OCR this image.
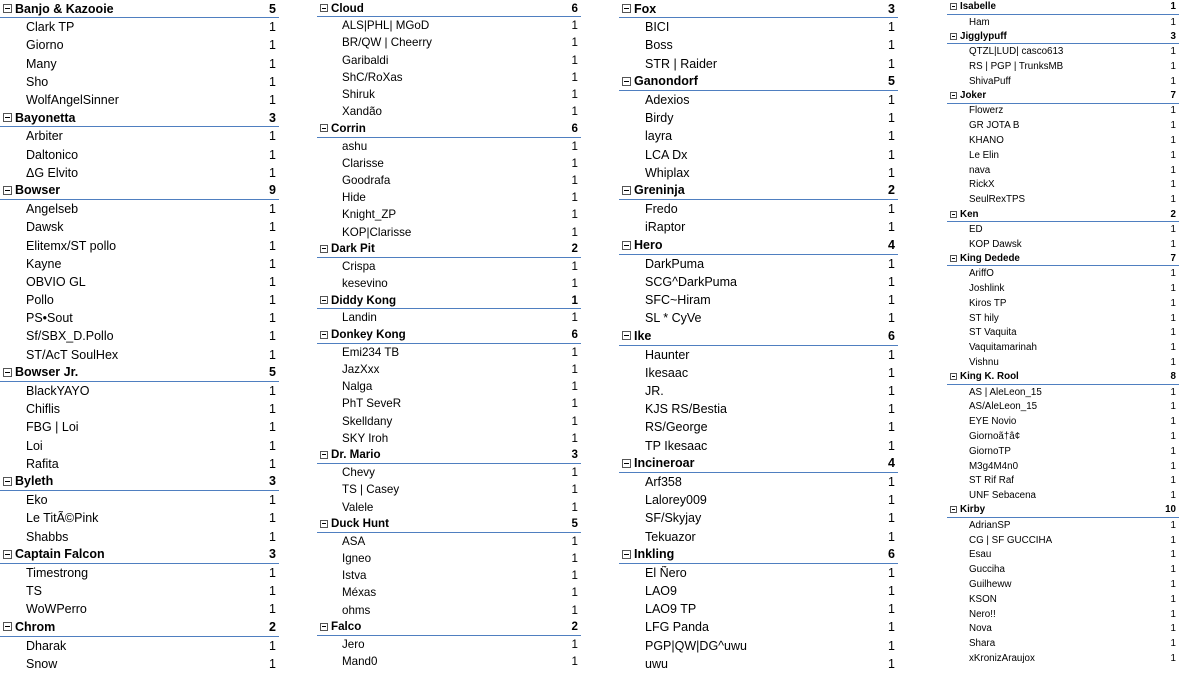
Banjo & Kazooie	5
Clark TP	1
Giorno	1
Many	1
Sho	1
WolfAngelSinner	1
Bayonetta	3
Arbiter	1
Daltonico	1
ΔG Elvito	1
Bowser	9
Angelseb	1
Dawsk	1
Elitemx/ST pollo	1
Kayne	1
OBVIO GL	1
Pollo	1
PS•Sout	1
Sf/SBX_D.Pollo	1
ST/AcT SoulHex	1
Bowser Jr.	5
BlackYAYO	1
Chiflis	1
FBG | Loi	1
Loi	1
Rafita	1
Byleth	3
Eko	1
Le TitÃ©Pink	1
Shabbs	1
Captain Falcon	3
Timestrong	1
TS	1
WoWPerro	1
Chrom	2
Dharak	1
Snow	1
Cloud	6
ALS|PHL| MGoD	1
BR/QW | Cheerry	1
Garibaldi	1
ShC/RoXas	1
Shiruk	1
Xandão	1
Corrin	6
ashu	1
Clarisse	1
Goodrafa	1
Hide	1
Knight_ZP	1
KOP|Clarisse	1
Dark Pit	2
Crispa	1
kesevino	1
Diddy Kong	1
Landin	1
Donkey Kong	6
Emi234 TB	1
JazXxx	1
Nalga	1
PhT SeveR	1
Skelldany	1
SKY Iroh	1
Dr. Mario	3
Chevy	1
TS | Casey	1
Valele	1
Duck Hunt	5
ASA	1
Igneo	1
Istva	1
Méxas	1
ohms	1
Falco	2
Jero	1
Mand0	1
Fox	3
BICI	1
Boss	1
STR | Raider	1
Ganondorf	5
Adexios	1
Birdy	1
layra	1
LCA Dx	1
Whiplax	1
Greninja	2
Fredo	1
iRaptor	1
Hero	4
DarkPuma	1
SCG^DarkPuma	1
SFC~Hiram	1
SL * CyVe	1
Ike	6
Haunter	1
Ikesaac	1
JR.	1
KJS RS/Bestia	1
RS/George	1
TP Ikesaac	1
Incineroar	4
Arf358	1
Lalorey009	1
SF/Skyjay	1
Tekuazor	1
Inkling	6
El Ñero	1
LAO9	1
LAO9 TP	1
LFG Panda	1
PGP|QW|DG^uwu	1
uwu	1
Isabelle	1
Ham	1
Jigglypuff	3
QTZL|LUD| casco613	1
RS | PGP | TrunksMB	1
ShivaPuff	1
Joker	7
Flowerz	1
GR JOTA B	1
KHANO	1
Le Elin	1
nava	1
RickX	1
SeulRexTPS	1
Ken	2
ED	1
KOP Dawsk	1
King Dedede	7
AriffO	1
Joshlink	1
Kiros TP	1
ST hily	1
ST Vaquita	1
Vaquitamarinah	1
Vishnu	1
King K. Rool	8
AS | AleLeon_15	1
AS/AleLeon_15	1
EYE Novio	1
Giornoã†â¢	1
GiornoTP	1
M3g4M4n0	1
ST Rif Raf	1
UNF Sebacena	1
Kirby	10
AdrianSP	1
CG | SF GUCCIHA	1
Esau	1
Gucciha	1
Guilheww	1
KSON	1
Nero!!	1
Nova	1
Shara	1
xKronizAraujox	1
